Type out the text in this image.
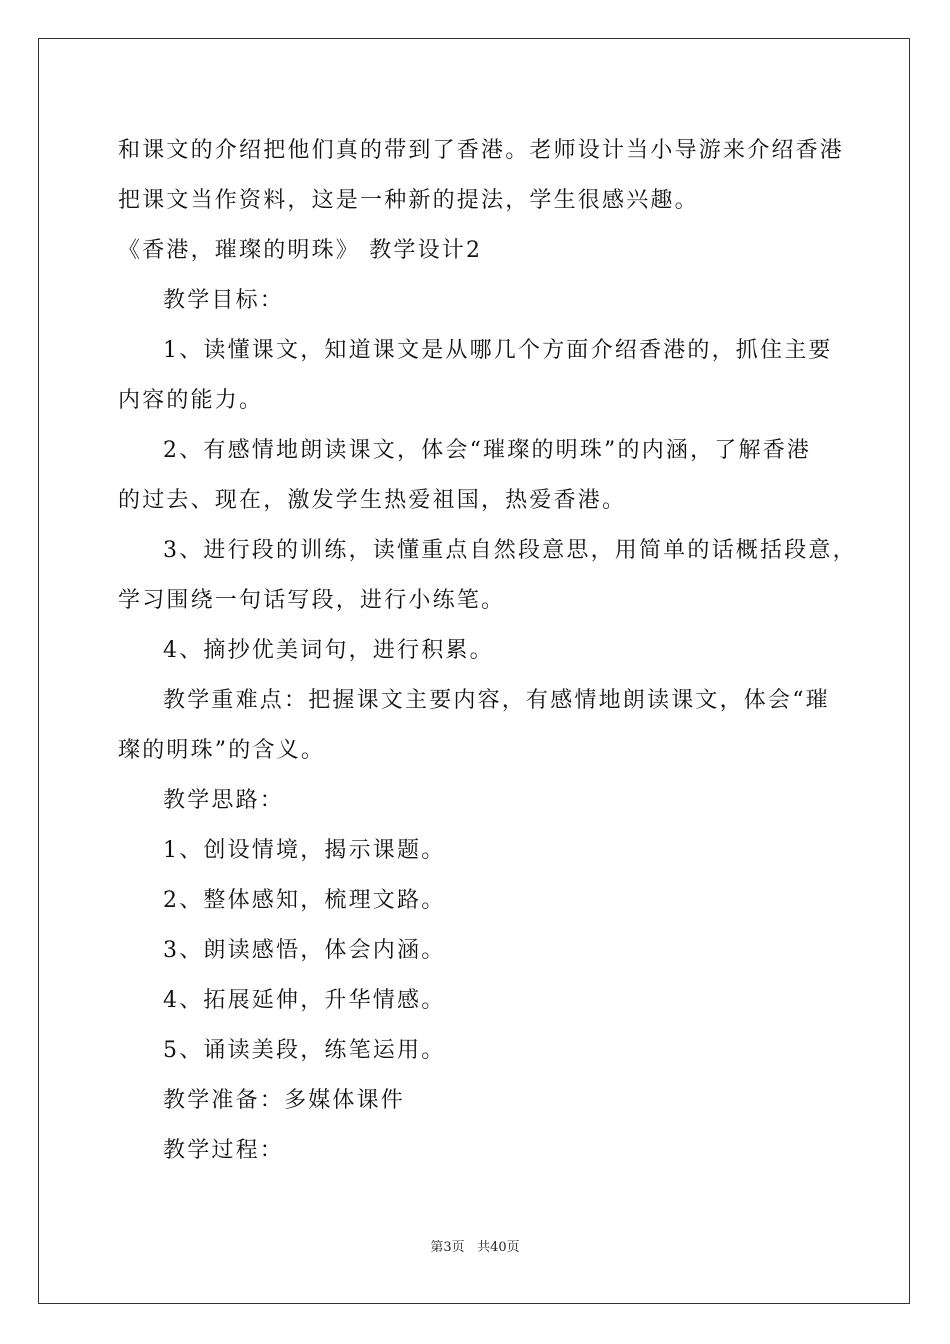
和课文的介绍把他们真的带到了香港。老师设计当小导游来介绍香港
把课文当作资料，这是一种新的提法，学生很感兴趣。
《香港，璀璨的明珠》 教学设计2
教学目标：
1、读懂课文，知道课文是从哪几个方面介绍香港的，抓住主要
内容的能力。
2、有感情地朗读课文，体会“璀璨的明珠”的内涵，了解香港
的过去、现在，激发学生热爱祖国，热爱香港。
3、进行段的训练，读懂重点自然段意思，用简单的话概括段意，
学习围绕一句话写段，进行小练笔。
4、摘抄优美词句，进行积累。
教学重难点：把握课文主要内容，有感情地朗读课文，体会“璀
璨的明珠”的含义。
教学思路：
1、创设情境，揭示课题。
2、整体感知，梳理文路。
3、朗读感悟，体会内涵。
4、拓展延伸，升华情感。
5、诵读美段，练笔运用。
教学准备：多媒体课件
教学过程：
第3页 共40页
